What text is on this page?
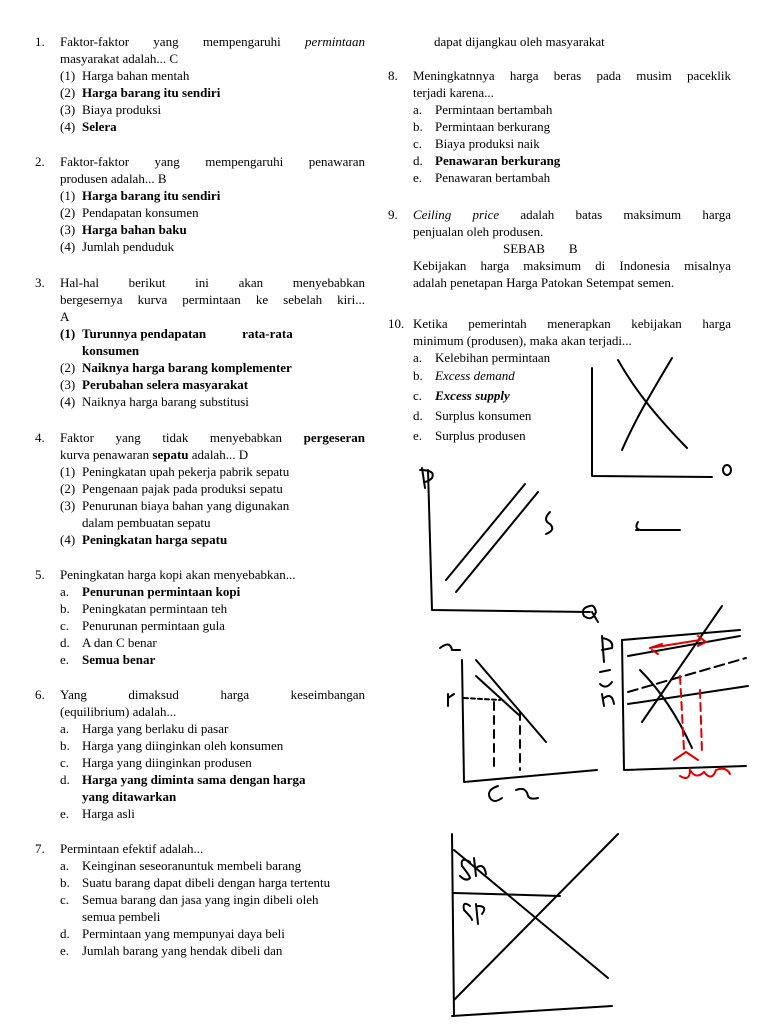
1. Faktor-faktor yang mempengaruhi permintaan
masyarakat adalah... C
(1) Harga bahan mentah
(2) Harga barang itu sendiri
(3) Biaya produksi
(4) Selera
2. Faktor-faktor yang mempengaruhi penawaran
produsen adalah... B
(1) Harga barang itu sendiri
(2) Pendapatan konsumen
(3) Harga bahan baku
(4) Jumlah penduduk
3. Hal-hal berikut ini akan menyebabkan
bergesernya kurva permintaan ke sebelah kiri...
A
(1) Turunnya pendapatan	rata-rata
konsumen
(2) Naiknya harga barang komplementer
(3) Perubahan selera masyarakat
(4) Naiknya harga barang substitusi
4. Faktor yang tidak menyebabkan pergeseran
kurva penawaran sepatu adalah... D
(1) Peningkatan upah pekerja pabrik sepatu
(2) Pengenaan pajak pada produksi sepatu
(3) Penurunan biaya bahan yang digunakan
dalam pembuatan sepatu
(4) Peningkatan harga sepatu
5. Peningkatan harga kopi akan menyebabkan...
a. Penurunan permintaan kopi
b. Peningkatan permintaan teh
c. Penurunan permintaan gula
d. A dan C benar
e. Semua benar
6. Yang dimaksud harga keseimbangan
(equilibrium) adalah...
a. Harga yang berlaku di pasar
b. Harga yang diinginkan oleh konsumen
c. Harga yang diinginkan produsen
d. Harga yang diminta sama dengan harga
yang ditawarkan
e. Harga asli
7. Permintaan efektif adalah...
a. Keinginan seseoranuntuk membeli barang
b. Suatu barang dapat dibeli dengan harga tertentu
c. Semua barang dan jasa yang ingin dibeli oleh
semua pembeli
d. Permintaan yang mempunyai daya beli
e. Jumlah barang yang hendak dibeli dan
dapat dijangkau oleh masyarakat
8. Meningkatnnya harga beras pada musim paceklik
terjadi karena...
a. Permintaan bertambah
b. Permintaan berkurang
c. Biaya produksi naik
d. Penawaran berkurang
e. Penawaran bertambah
9. Ceiling price adalah batas maksimum harga
penjualan oleh produsen.
SEBAB B
Kebijakan harga maksimum di Indonesia misalnya
adalah penetapan Harga Patokan Setempat semen.
10. Ketika pemerintah menerapkan kebijakan harga
minimum (produsen), maka akan terjadi...
a. Kelebihan permintaan
b. Excess demand
c. Excess supply
d. Surplus konsumen
e. Surplus produsen
